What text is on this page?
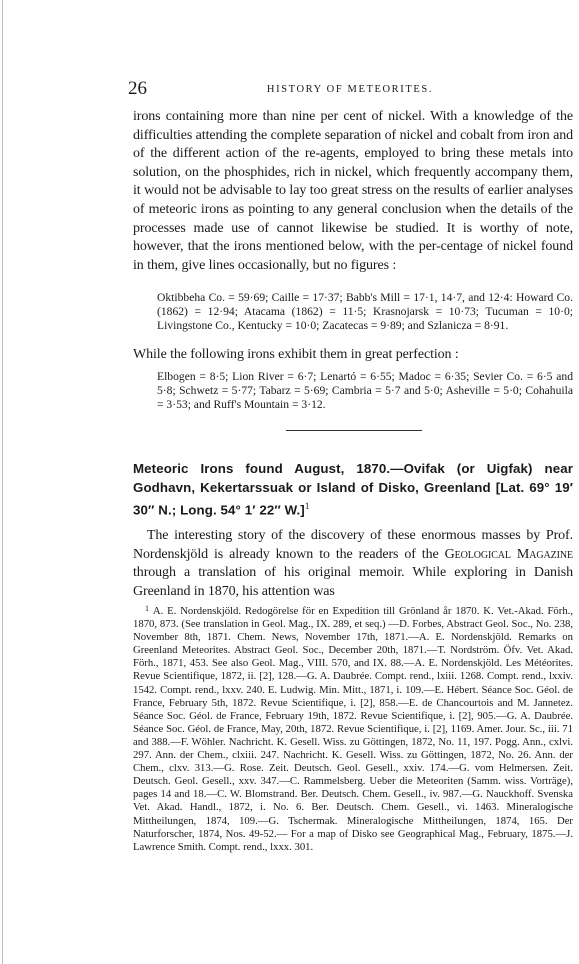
26	HISTORY OF METEORITES.

irons containing more than nine per cent of nickel. With a knowledge of the difficulties attending the complete separation of nickel and cobalt from iron and of the different action of the re-agents, employed to bring these metals into solution, on the phosphides, rich in nickel, which frequently accompany them, it would not be advisable to lay too great stress on the results of earlier analyses of meteoric irons as pointing to any general conclusion when the details of the processes made use of cannot likewise be studied. It is worthy of note, however, that the irons mentioned below, with the per-centage of nickel found in them, give lines occasionally, but no figures :

Oktibbeha Co. = 59·69; Caille = 17·37; Babb's Mill = 17·1, 14·7, and 12·4: Howard Co. (1862) = 12·94; Atacama (1862) = 11·5; Krasnojarsk = 10·73; Tucuman = 10·0; Livingstone Co., Kentucky = 10·0; Zacatecas = 9·89; and Szlanicza = 8·91.

While the following irons exhibit them in great perfection :

Elbogen = 8·5; Lion River = 6·7; Lenartó = 6·55; Madoc = 6·35; Sevier Co. = 6·5 and 5·8; Schwetz = 5·77; Tabarz = 5·69; Cambria = 5·7 and 5·0; Asheville = 5·0; Cohahuila = 3·53; and Ruff's Mountain = 3·12.

Meteoric Irons found August, 1870.—Ovifak (or Uigfak) near Godhavn, Kekertarssuak or Island of Disko, Greenland [Lat. 69° 19′ 30″ N.; Long. 54° 1′ 22″ W.]$^1$

 The interesting story of the discovery of these enormous masses by Prof. Nordenskjöld is already known to the readers of the Geological Magazine through a translation of his original memoir. While exploring in Danish Greenland in 1870, his attention was

$^1$ A. E. Nordenskjöld. Redogörelse för en Expedition till Grönland år 1870. K. Vet.-Akad. Förh., 1870, 873. (See translation in Geol. Mag., IX. 289, et seq.) —D. Forbes, Abstract Geol. Soc., No. 238, November 8th, 1871. Chem. News, November 17th, 1871.—A. E. Nordenskjöld. Remarks on Greenland Meteorites. Abstract Geol. Soc., December 20th, 1871.—T. Nordström. Öfv. Vet. Akad. Förh., 1871, 453. See also Geol. Mag., VIII. 570, and IX. 88.—A. E. Nordenskjöld. Les Météorites. Revue Scientifique, 1872, ii. [2], 128.—G. A. Daubrée. Compt. rend., lxiii. 1268. Compt. rend., lxxiv. 1542. Compt. rend., lxxv. 240. E. Ludwig. Min. Mitt., 1871, i. 109.—E. Hébert. Séance Soc. Géol. de France, February 5th, 1872. Revue Scientifique, i. [2], 858.—E. de Chancourtois and M. Jannetez. Séance Soc. Géol. de France, February 19th, 1872. Revue Scientifique, i. [2], 905.—G. A. Daubrée. Séance Soc. Géol. de France, May, 20th, 1872. Revue Scientifique, i. [2], 1169. Amer. Jour. Sc., iii. 71 and 388.—F. Wöhler. Nachricht. K. Gesell. Wiss. zu Göttingen, 1872, No. 11, 197. Pogg. Ann., cxlvi. 297. Ann. der Chem., clxiii. 247. Nachricht. K. Gesell. Wiss. zu Göttingen, 1872, No. 26. Ann. der Chem., clxv. 313.—G. Rose. Zeit. Deutsch. Geol. Gesell., xxiv. 174.—G. vom Helmersen. Zeit. Deutsch. Geol. Gesell., xxv. 347.—C. Rammelsberg. Ueber die Meteoriten (Samm. wiss. Vorträge), pages 14 and 18.—C. W. Blomstrand. Ber. Deutsch. Chem. Gesell., iv. 987.—G. Nauckhoff. Svenska Vet. Akad. Handl., 1872, i. No. 6. Ber. Deutsch. Chem. Gesell., vi. 1463. Mineralogische Mittheilungen, 1874, 109.—G. Tschermak. Mineralogische Mittheilungen, 1874, 165. Der Naturforscher, 1874, Nos. 49-52.— For a map of Disko see Geographical Mag., February, 1875.—J. Lawrence Smith. Compt. rend., lxxx. 301.
